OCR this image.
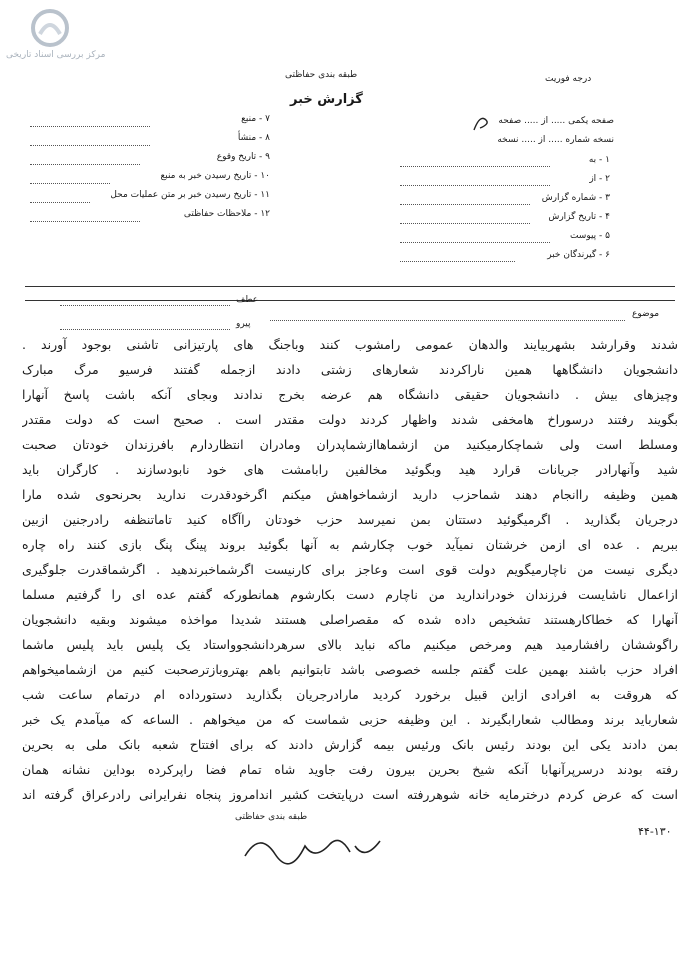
مرکز بررسی اسناد تاریخی
طبقه بندی حفاظتی
گزارش خبر
درجه فوریت
صفحه یکمی ..... از ..... صفحه
نسخه شماره ..... از ..... نسخه
۱ - به
۲ - از
۳ - شماره گزارش
۴ - تاریخ گزارش
۵ - پیوست
۶ - گیرندگان خبر
۷ - منبع
۸ - منشأ
۹ - تاریخ وقوع
۱۰ - تاریخ رسیدن خبر به منبع
۱۱ - تاریخ رسیدن خبر بر متن عملیات محل
۱۲ - ملاحظات حفاظتی
موضوع
عطف
پیرو
شدند وقرارشد بشهربیایند والدهان عمومی رامشوب کنند وباجنگ های پارتیزانی تاشنی بوجود آورند .
دانشجویان دانشگاهها همین ناراکردند شعارهای زشتی دادند ازجمله گفتند فرسیو مرگ مبارک
وچیزهای بیش . دانشجویان حقیقی دانشگاه هم عرضه بخرج ندادند وبجای آنکه باشت پاسخ آنهارا
بگویند رفتند درسوراخ هامخفی شدند واظهار کردند دولت مقتدر است . صحیح است که دولت مقتدر
ومسلط است ولی شماچکارمیکنید من ازشماهاازشماپدران ومادران انتظاردارم بافرزندان خودتان صحبت
شید وآنهارادر جریانات قرارد هید وبگوئید مخالفین رابامشت های خود نابودسازند . کارگران باید
همین وظیفه راانجام دهند شماحزب دارید ازشماخواهش میکنم اگرخودقدرت ندارید بحرنحوی شده مارا
درجریان بگذارید . اگرمیگوئید دستتان بمن نمیرسد حزب خودتان راآگاه کنید تاماتنظفه رادرجنین ازبین
ببریم . عده ای ازمن خرشتان نمیآید خوب چکارشم به آنها بگوئید بروند پینگ پنگ بازی کنند راه چاره
دیگری نیست من ناچارمیگویم دولت قوی است وعاجز برای کارنیست اگرشماخبرندهید . اگرشماقدرت جلوگیری
ازاعمال ناشایست فرزندان خودراندارید من ناچارم دست بکارشوم همانطورکه گفتم عده ای را گرفتیم مسلما
آنهارا که خطاکارهستند تشخیص داده شده که مقصراصلی هستند شدیدا مواخذه میشوند وبقیه دانشجویان
راگوششان رافشارمید هیم ومرخص میکنیم ماکه نباید بالای سرهردانشجوواستاد یک پلیس باید پلیس ماشما
افراد حزب باشند بهمین علت گفتم جلسه خصوصی باشد تابتوانیم باهم بهتروبازترصحبت کنیم من ازشمامیخواهم
که هروقت به افرادی ازاین قبیل برخورد کردید مارادرجریان بگذارید دستورداده ام درتمام ساعت شب
شعارباید برند ومطالب شعارابگیرند . این وظیفه حزبی شماست که من میخواهم . الساعه که میآمدم یک خبر
بمن دادند یکی این بودند رئیس بانک ورئیس بیمه گزارش دادند که برای افتتاح شعبه بانک ملی به بحرین
رفته بودند درسرپرآنهابا آنکه شیخ بحرین بیرون رفت جاوید شاه تمام فضا راپرکرده بوداین نشانه همان
است که عرض کردم درخترمایه خانه شوهررفته است درپایتخت کشیر اندامروز پنجاه نفرایرانی رادرعراق گرفته اند
طبقه بندی حفاظتی
۴۴-۱۳۰
